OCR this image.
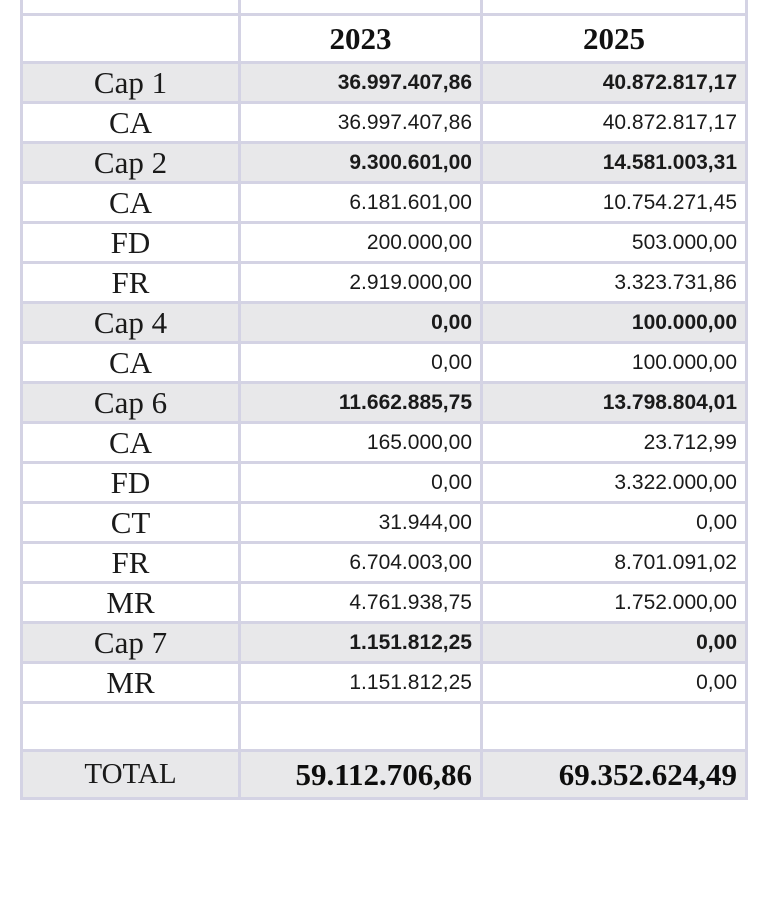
	2023	2025
Cap 1	36.997.407,86	40.872.817,17
CA	36.997.407,86	40.872.817,17
Cap 2	9.300.601,00	14.581.003,31
CA	6.181.601,00	10.754.271,45
FD	200.000,00	503.000,00
FR	2.919.000,00	3.323.731,86
Cap 4	0,00	100.000,00
CA	0,00	100.000,00
Cap 6	11.662.885,75	13.798.804,01
CA	165.000,00	23.712,99
FD	0,00	3.322.000,00
CT	31.944,00	0,00
FR	6.704.003,00	8.701.091,02
MR	4.761.938,75	1.752.000,00
Cap 7	1.151.812,25	0,00
MR	1.151.812,25	0,00

TOTAL	59.112.706,86	69.352.624,49
